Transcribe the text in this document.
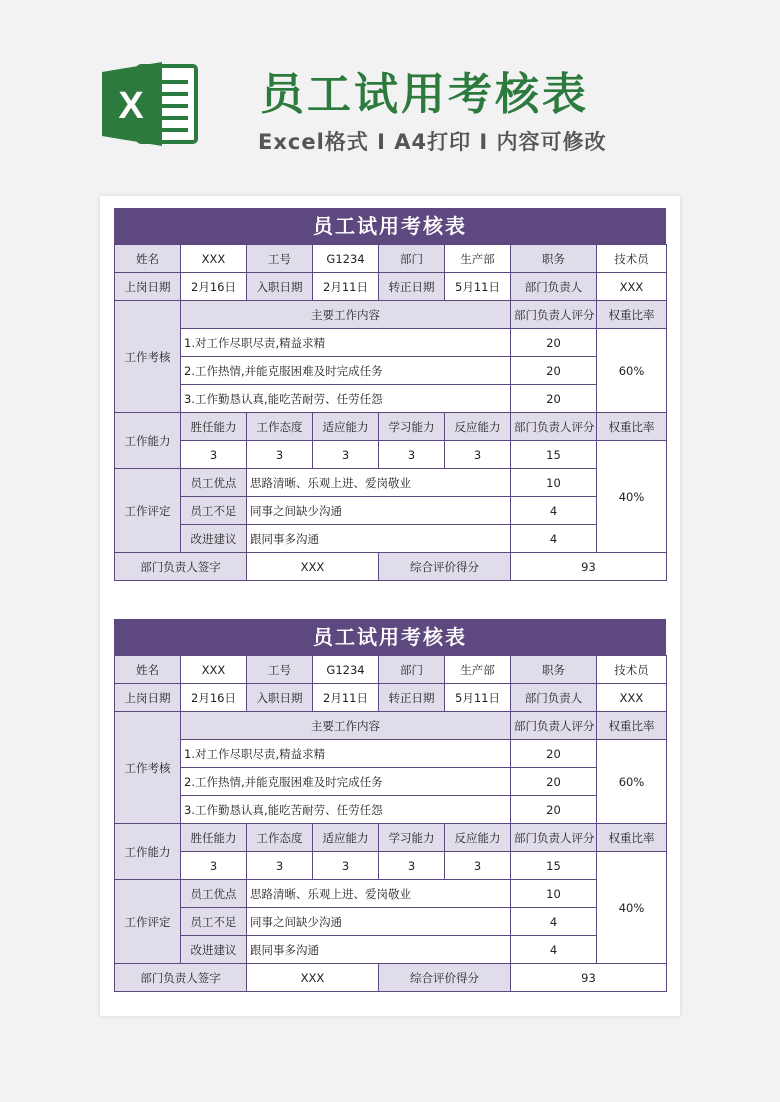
X	员工试用考核表
Excel格式 I A4打印 I 内容可修改
员工试用考核表
姓名	XXX	工号	G1234	部门	生产部	职务	技术员
上岗日期	2月16日	入职日期	2月11日	转正日期	5月11日	部门负责人	XXX
工作考核	主要工作内容					部门负责人评分	权重比率
	1.对工作尽职尽责,精益求精					20	60%
	2.工作热情,并能克服困难及时完成任务					20	
	3.工作勤恳认真,能吃苦耐劳、任劳任怨					20	
工作能力	胜任能力	工作态度	适应能力	学习能力	反应能力	部门负责人评分	权重比率
	3	3	3	3	3	15	40%
工作评定	员工优点	思路清晰、乐观上进、爱岗敬业				10	
	员工不足	同事之间缺少沟通				4	
	改进建议	跟同事多沟通				4	
部门负责人签字		XXX		综合评价得分		93	
员工试用考核表
姓名	XXX	工号	G1234	部门	生产部	职务	技术员
上岗日期	2月16日	入职日期	2月11日	转正日期	5月11日	部门负责人	XXX
工作考核	主要工作内容					部门负责人评分	权重比率
	1.对工作尽职尽责,精益求精					20	60%
	2.工作热情,并能克服困难及时完成任务					20	
	3.工作勤恳认真,能吃苦耐劳、任劳任怨					20	
工作能力	胜任能力	工作态度	适应能力	学习能力	反应能力	部门负责人评分	权重比率
	3	3	3	3	3	15	40%
工作评定	员工优点	思路清晰、乐观上进、爱岗敬业				10	
	员工不足	同事之间缺少沟通				4	
	改进建议	跟同事多沟通				4	
部门负责人签字		XXX		综合评价得分		93	
